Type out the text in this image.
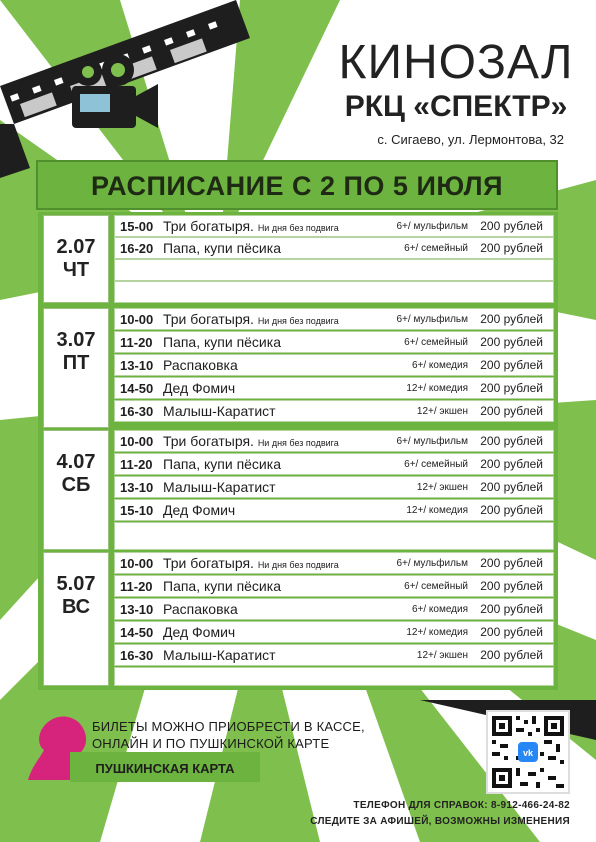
КИНОЗАЛ
РКЦ «СПЕКТР»
с. Сигаево, ул. Лермонтова, 32
РАСПИСАНИЕ С 2 ПО 5 ИЮЛЯ
2.07
ЧТ
15-00 Три богатыря. Ни дня без подвига	6+/ мульфильм 200 рублей
16-20 Папа, купи пёсика	6+/ семейный 200 рублей
3.07
ПТ
10-00 Три богатыря. Ни дня без подвига	6+/ мульфильм 200 рублей
11-20 Папа, купи пёсика	6+/ семейный 200 рублей
13-10 Распаковка	6+/ комедия 200 рублей
14-50 Дед Фомич	12+/ комедия 200 рублей
16-30 Малыш-Каратист	12+/ экшен 200 рублей
4.07
СБ
10-00 Три богатыря. Ни дня без подвига	6+/ мульфильм 200 рублей
11-20 Папа, купи пёсика	6+/ семейный 200 рублей
13-10 Малыш-Каратист	12+/ экшен 200 рублей
15-10 Дед Фомич	12+/ комедия 200 рублей
5.07
ВС
10-00 Три богатыря. Ни дня без подвига	6+/ мульфильм 200 рублей
11-20 Папа, купи пёсика	6+/ семейный 200 рублей
13-10 Распаковка	6+/ комедия 200 рублей
14-50 Дед Фомич	12+/ комедия 200 рублей
16-30 Малыш-Каратист	12+/ экшен 200 рублей
БИЛЕТЫ МОЖНО ПРИОБРЕСТИ В КАССЕ,
ОНЛАЙН И ПО ПУШКИНСКОЙ КАРТЕ
ПУШКИНСКАЯ КАРТА
vk
ТЕЛЕФОН ДЛЯ СПРАВОК: 8-912-466-24-82
СЛЕДИТЕ ЗА АФИШЕЙ, ВОЗМОЖНЫ ИЗМЕНЕНИЯ
